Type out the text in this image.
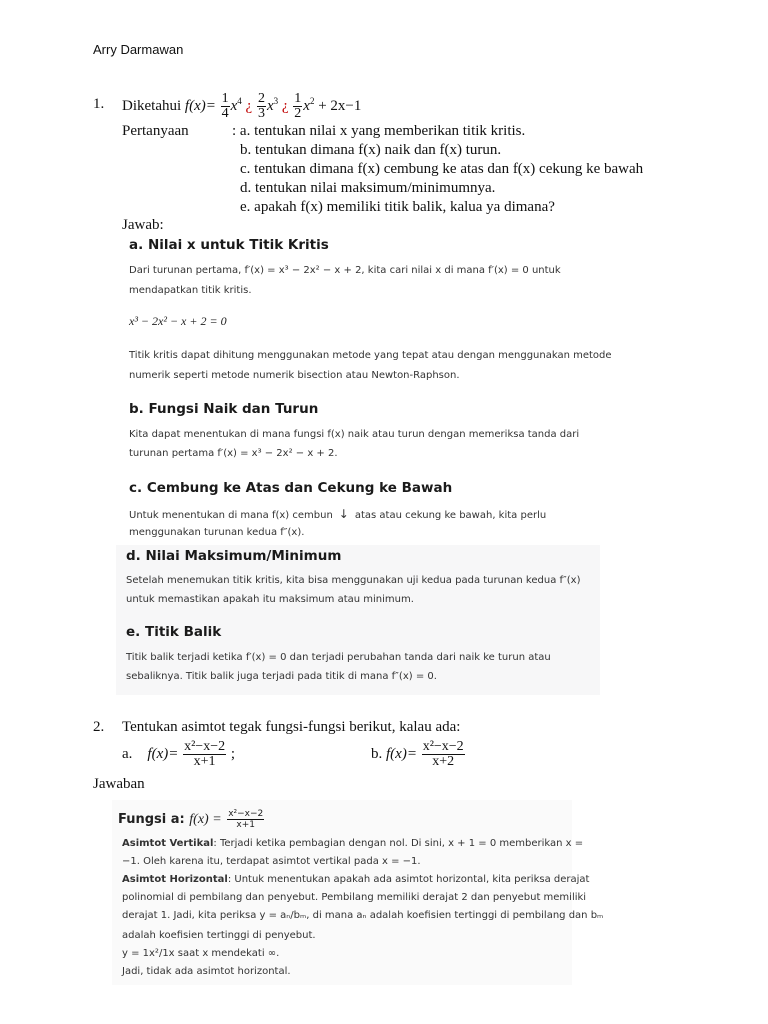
Arry Darmawan
1. Diketahui $f(x)= \frac{1}{4} x^4$ ¿ $\frac{2}{3} x^3$ ¿ $\frac{1}{2} x^2 + 2x-1$
Pertanyaan	: a. tentukan nilai x yang memberikan titik kritis.
b. tentukan dimana f(x) naik dan f(x) turun.
c. tentukan dimana f(x) cembung ke atas dan f(x) cekung ke bawah
d. tentukan nilai maksimum/minimumnya.
e. apakah f(x) memiliki titik balik, kalua ya dimana?
Jawab:
a. Nilai x untuk Titik Kritis
Dari turunan pertama, f′(x) = x³ − 2x² − x + 2, kita cari nilai x di mana f′(x) = 0 untuk
mendapatkan titik kritis.
x³ − 2x² − x + 2 = 0
Titik kritis dapat dihitung menggunakan metode yang tepat atau dengan menggunakan metode
numerik seperti metode numerik bisection atau Newton-Raphson.
b. Fungsi Naik dan Turun
Kita dapat menentukan di mana fungsi f(x) naik atau turun dengan memeriksa tanda dari
turunan pertama f′(x) = x³ − 2x² − x + 2.
c. Cembung ke Atas dan Cekung ke Bawah
Untuk menentukan di mana f(x) cembun ↓ atas atau cekung ke bawah, kita perlu
menggunakan turunan kedua f″(x).
d. Nilai Maksimum/Minimum
Setelah menemukan titik kritis, kita bisa menggunakan uji kedua pada turunan kedua f″(x)
untuk memastikan apakah itu maksimum atau minimum.
e. Titik Balik
Titik balik terjadi ketika f′(x) = 0 dan terjadi perubahan tanda dari naik ke turun atau
sebaliknya. Titik balik juga terjadi pada titik di mana f″(x) = 0.
2. Tentukan asimtot tegak fungsi-fungsi berikut, kalau ada:
a. $f(x)= \frac{\text{x²−x−2}}{x+1}$ ;	b. $f(x)= \frac{\text{x²−x−2}}{x+2}$
Jawaban
Fungsi a: $f(x) = \frac{\text{x²−x−2}}{x+1}$
Asimtot Vertikal: Terjadi ketika pembagian dengan nol. Di sini, x + 1 = 0 memberikan x =
−1. Oleh karena itu, terdapat asimtot vertikal pada x = −1.
Asimtot Horizontal: Untuk menentukan apakah ada asimtot horizontal, kita periksa derajat
polinomial di pembilang dan penyebut. Pembilang memiliki derajat 2 dan penyebut memiliki
derajat 1. Jadi, kita periksa y = aₙ/bₘ, di mana aₙ adalah koefisien tertinggi di pembilang dan bₘ
adalah koefisien tertinggi di penyebut.
y = 1x²/1x saat x mendekati ∞.
Jadi, tidak ada asimtot horizontal.
